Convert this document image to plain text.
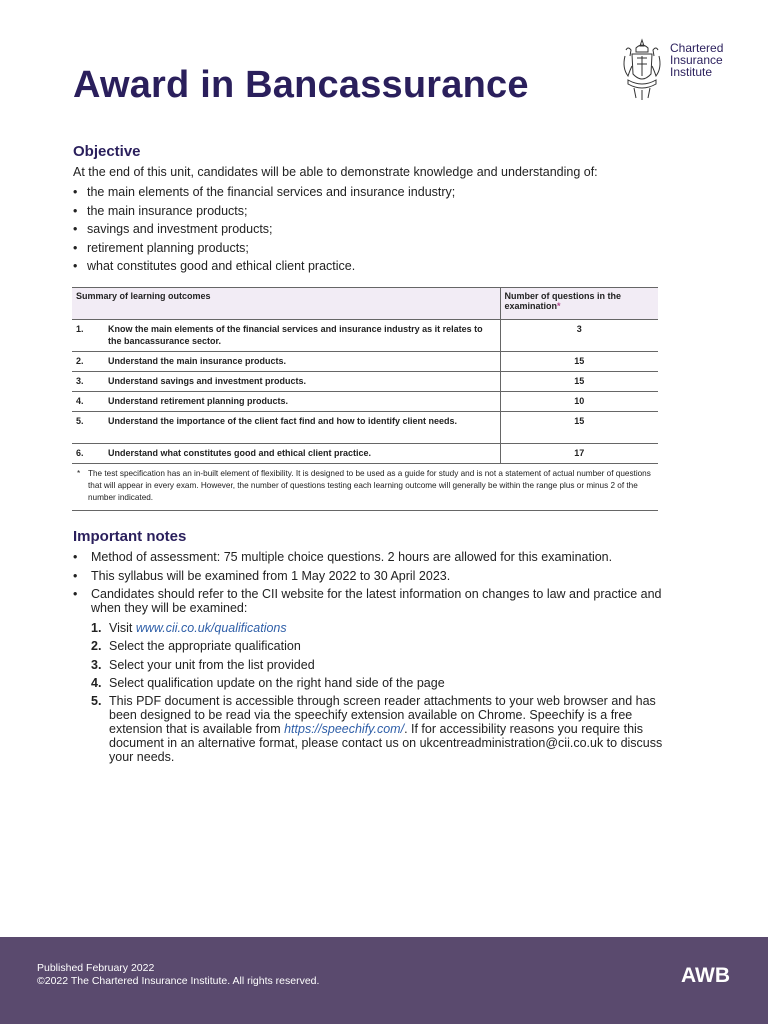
Award in Bancassurance
Chartered
Insurance
Institute
Objective

At the end of this unit, candidates will be able to demonstrate knowledge and understanding of:

• the main elements of the financial services and insurance industry;
• the main insurance products;
• savings and investment products;
• retirement planning products;
• what constitutes good and ethical client practice.
Summary of learning outcomes		Number of questions in the examination*
1.	Know the main elements of the financial services and insurance industry as it relates to the bancassurance sector.	3
2.	Understand the main insurance products.	15
3.	Understand savings and investment products.	15
4.	Understand retirement planning products.	10
5.	Understand the importance of the client fact find and how to identify client needs.	15
6.	Understand what constitutes good and ethical client practice.	17
* The test specification has an in-built element of flexibility. It is designed to be used as a guide for study and is not a statement of actual number of questions that will appear in every exam. However, the number of questions testing each learning outcome will generally be within the range plus or minus 2 of the number indicated.
Important notes
• Method of assessment: 75 multiple choice questions. 2 hours are allowed for this examination.
• This syllabus will be examined from 1 May 2022 to 30 April 2023.
• Candidates should refer to the CII website for the latest information on changes to law and practice and when they will be examined:
1. Visit www.cii.co.uk/qualifications
2. Select the appropriate qualification
3. Select your unit from the list provided
4. Select qualification update on the right hand side of the page
5. This PDF document is accessible through screen reader attachments to your web browser and has been designed to be read via the speechify extension available on Chrome. Speechify is a free extension that is available from https://speechify.com/. If for accessibility reasons you require this document in an alternative format, please contact us on ukcentreadministration@cii.co.uk to discuss your needs.
Published February 2022
©2022 The Chartered Insurance Institute. All rights reserved.	AWB
